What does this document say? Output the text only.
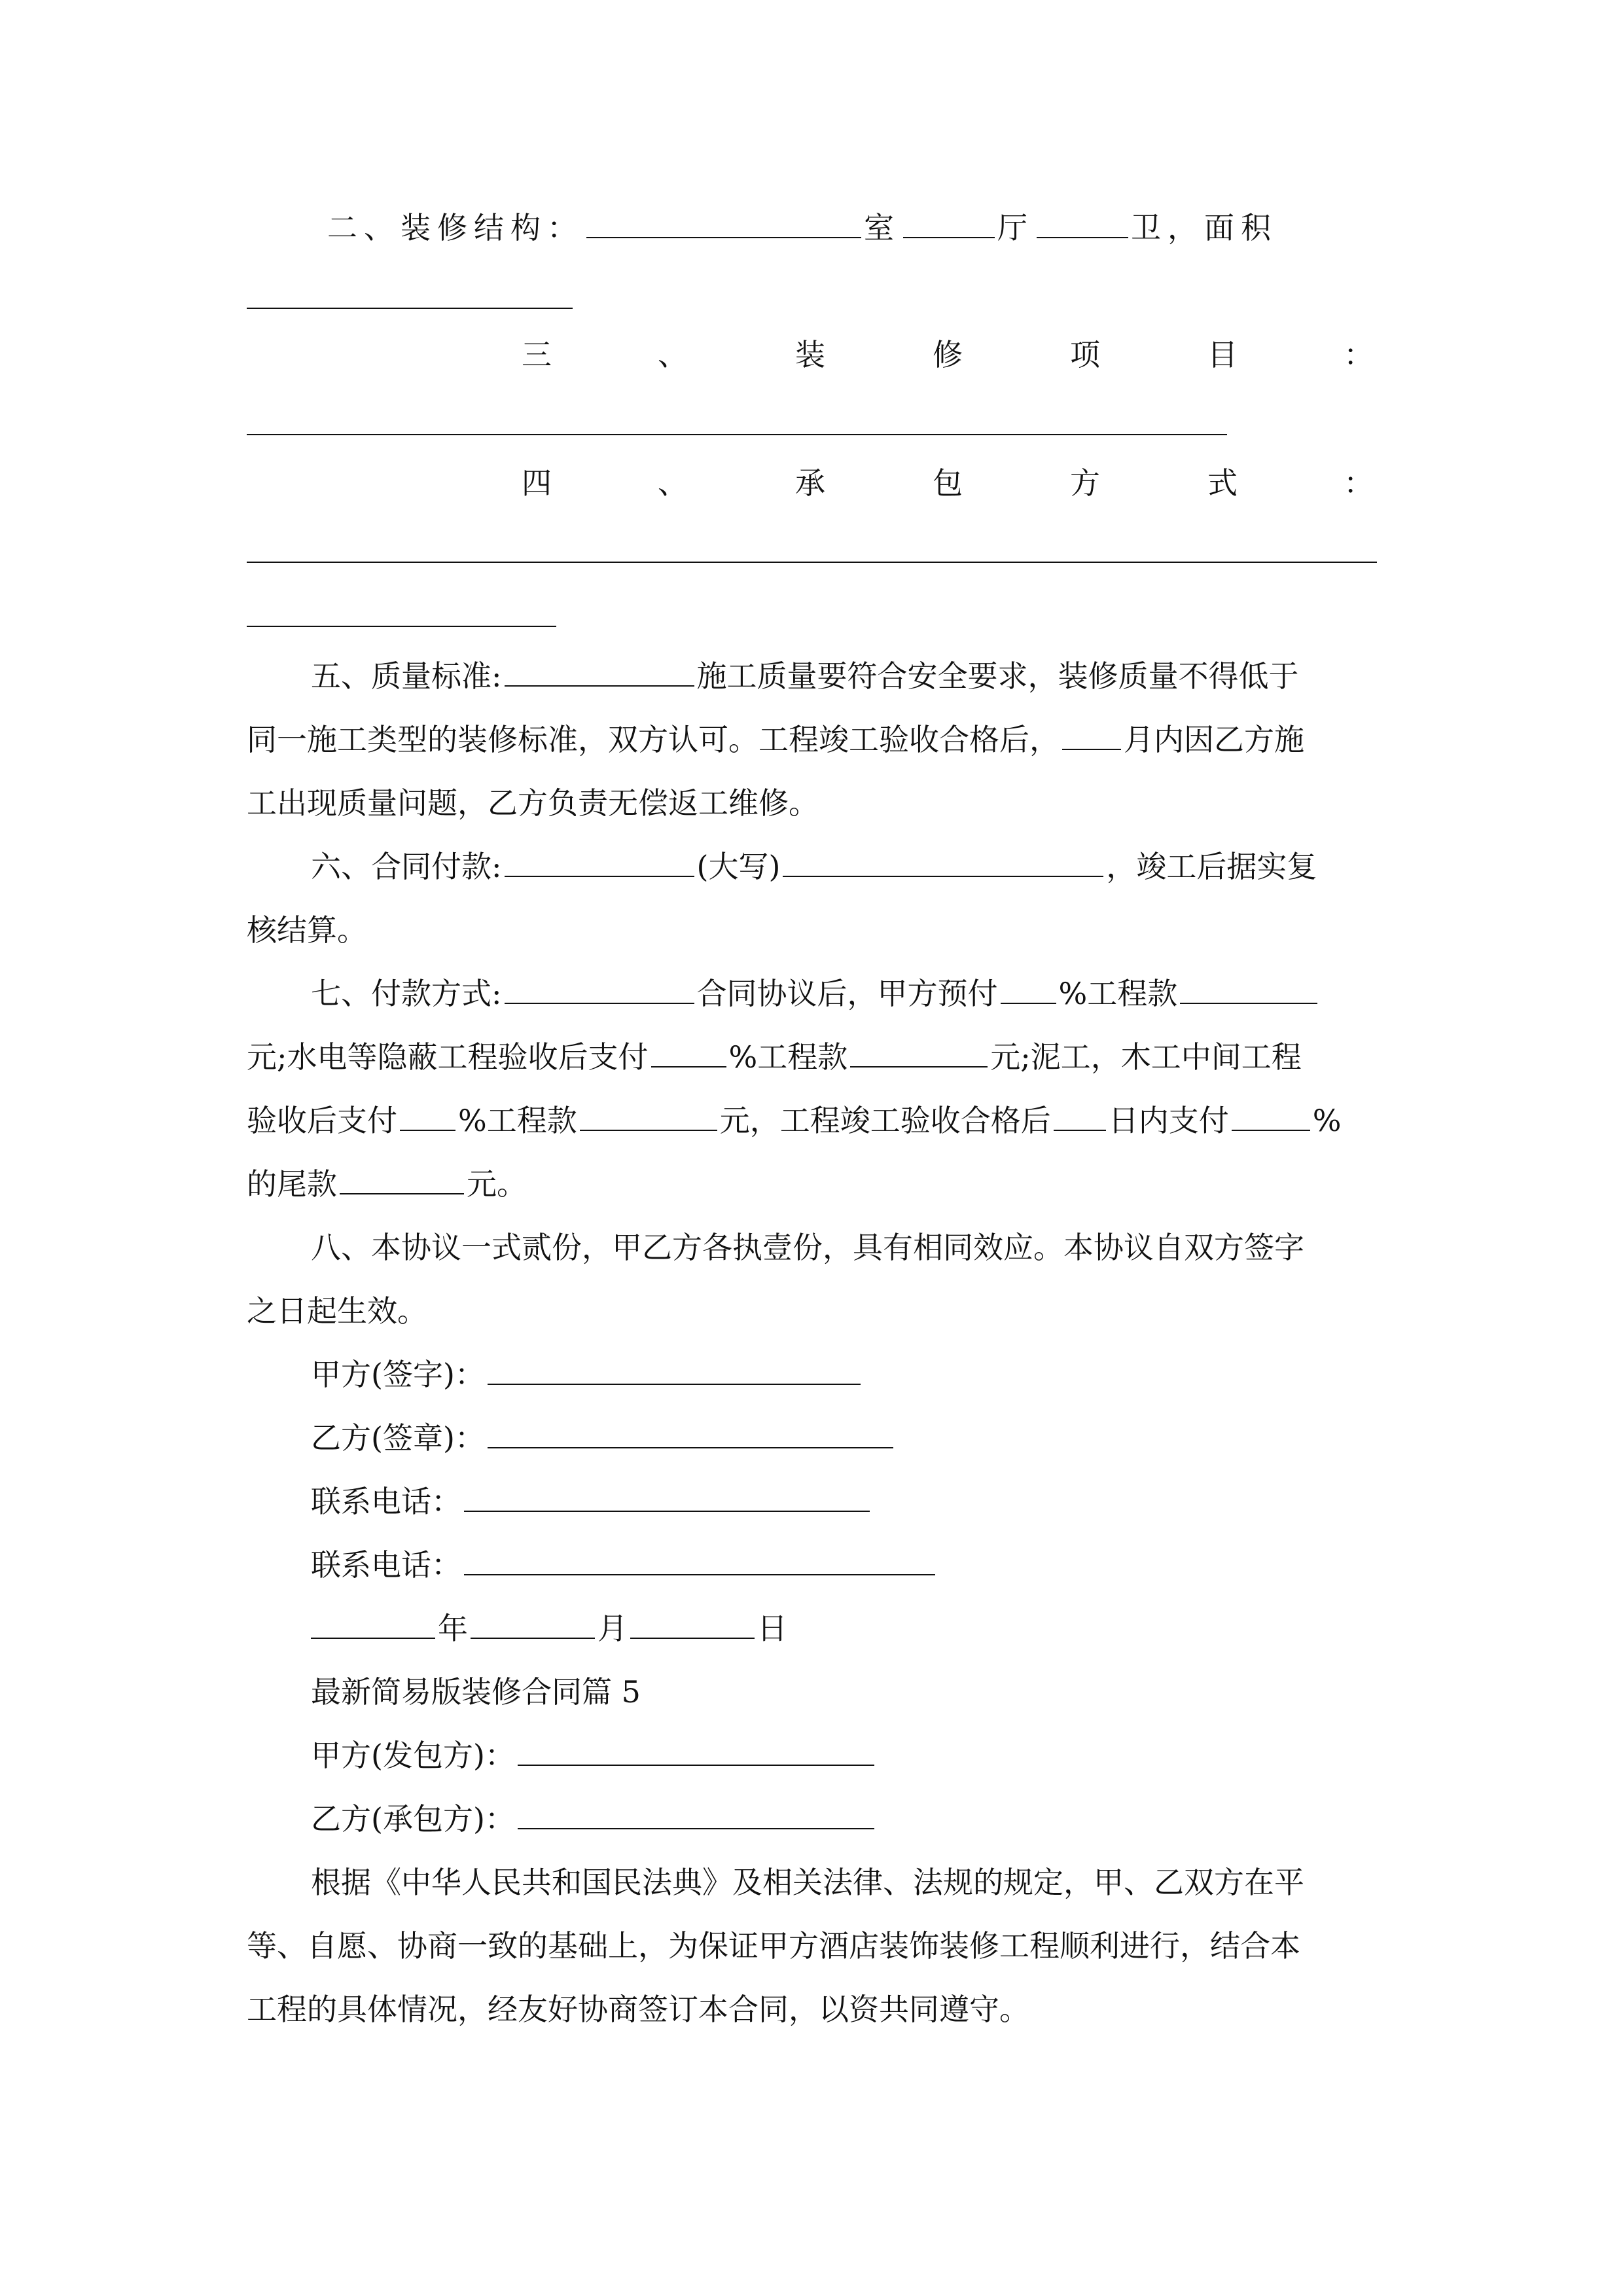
二、装修结构：	室	厅	卫，面积
三	、	装	修	项	目	：
四	、	承	包	方	式	：
五、质量标准:	施工质量要符合安全要求，装修质量不得低于
同一施工类型的装修标准，双方认可。工程竣工验收合格后， 月内因乙方施
工出现质量问题，乙方负责无偿返工维修。
六、合同付款:	(大写)	，竣工后据实复
核结算。
七、付款方式:	合同协议后，甲方预付 %工程款
元;水电等隐蔽工程验收后支付	%工程款	元;泥工，木工中间工程
验收后支付 %工程款	元，工程竣工验收合格后 日内支付	%
的尾款	元。
八、本协议一式贰份，甲乙方各执壹份，具有相同效应。本协议自双方签字
之日起生效。
甲方(签字)：
乙方(签章)：
联系电话：
联系电话：
年	月	日
最新简易版装修合同篇 5
甲方(发包方)：
乙方(承包方)：
根据《中华人民共和国民法典》及相关法律、法规的规定，甲、乙双方在平
等、自愿、协商一致的基础上，为保证甲方酒店装饰装修工程顺利进行，结合本
工程的具体情况，经友好协商签订本合同，以资共同遵守。
